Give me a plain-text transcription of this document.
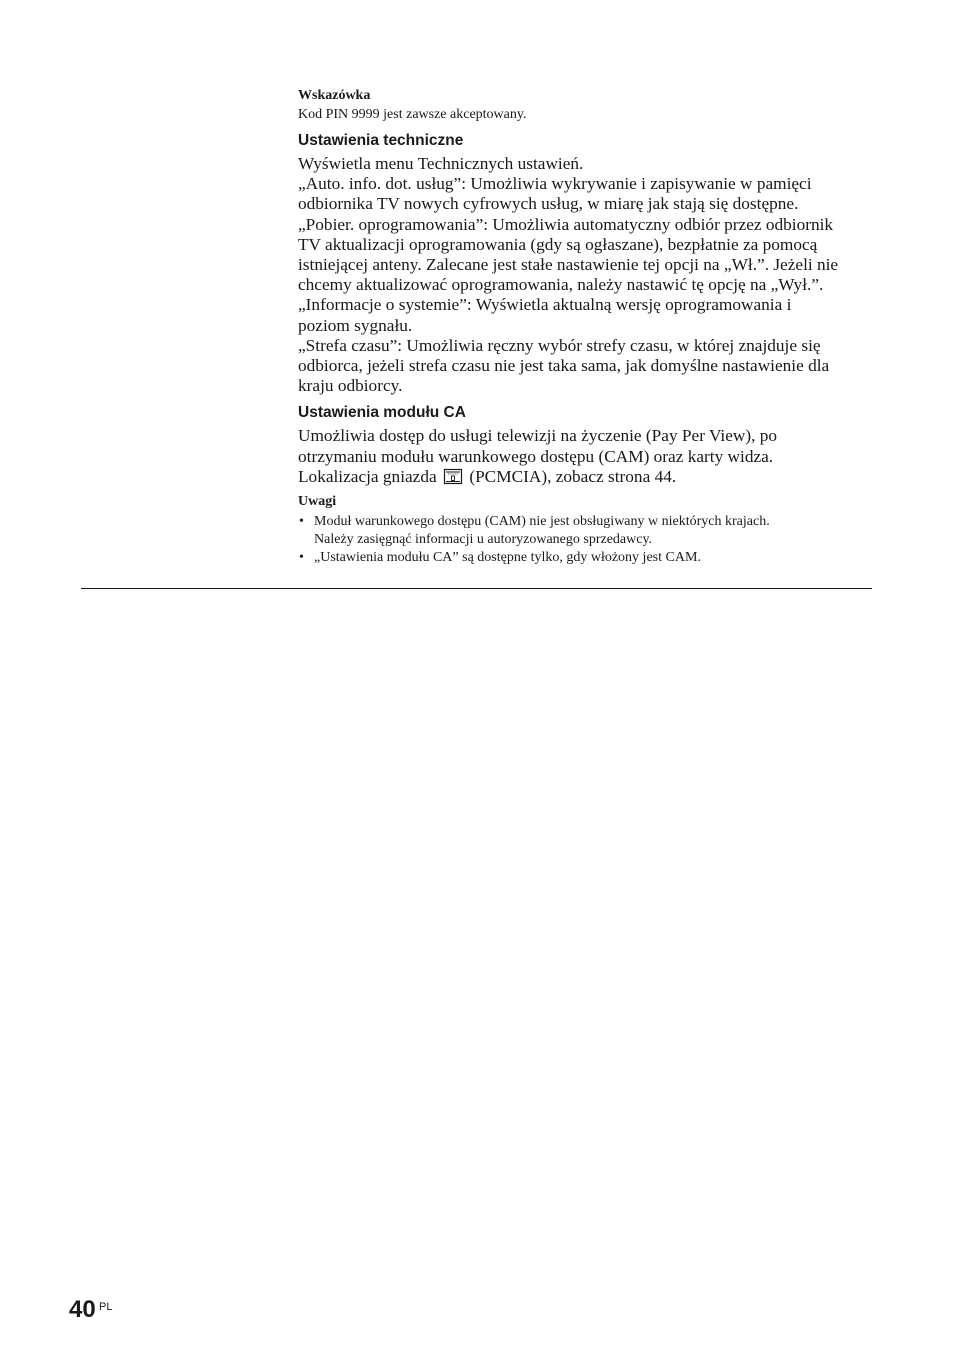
Wskazówka

Kod PIN 9999 jest zawsze akceptowany.

Ustawienia techniczne

Wyświetla menu Technicznych ustawień.
„Auto. info. dot. usług”: Umożliwia wykrywanie i zapisywanie w pamięci
odbiornika TV nowych cyfrowych usług, w miarę jak stają się dostępne.
„Pobier. oprogramowania”: Umożliwia automatyczny odbiór przez odbiornik
TV aktualizacji oprogramowania (gdy są ogłaszane), bezpłatnie za pomocą
istniejącej anteny. Zalecane jest stałe nastawienie tej opcji na „Wł.”. Jeżeli nie
chcemy aktualizować oprogramowania, należy nastawić tę opcję na „Wył.”.
„Informacje o systemie”: Wyświetla aktualną wersję oprogramowania i
poziom sygnału.
„Strefa czasu”: Umożliwia ręczny wybór strefy czasu, w której znajduje się
odbiorca, jeżeli strefa czasu nie jest taka sama, jak domyślne nastawienie dla
kraju odbiorcy.

Ustawienia modułu CA

Umożliwia dostęp do usługi telewizji na życzenie (Pay Per View), po
otrzymaniu modułu warunkowego dostępu (CAM) oraz karty widza.
Lokalizacja gniazda (PCMCIA), zobacz strona 44.

Uwagi

• Moduł warunkowego dostępu (CAM) nie jest obsługiwany w niektórych krajach.
Należy zasięgnąć informacji u autoryzowanego sprzedawcy.
• „Ustawienia modułu CA” są dostępne tylko, gdy włożony jest CAM.
40 PL
